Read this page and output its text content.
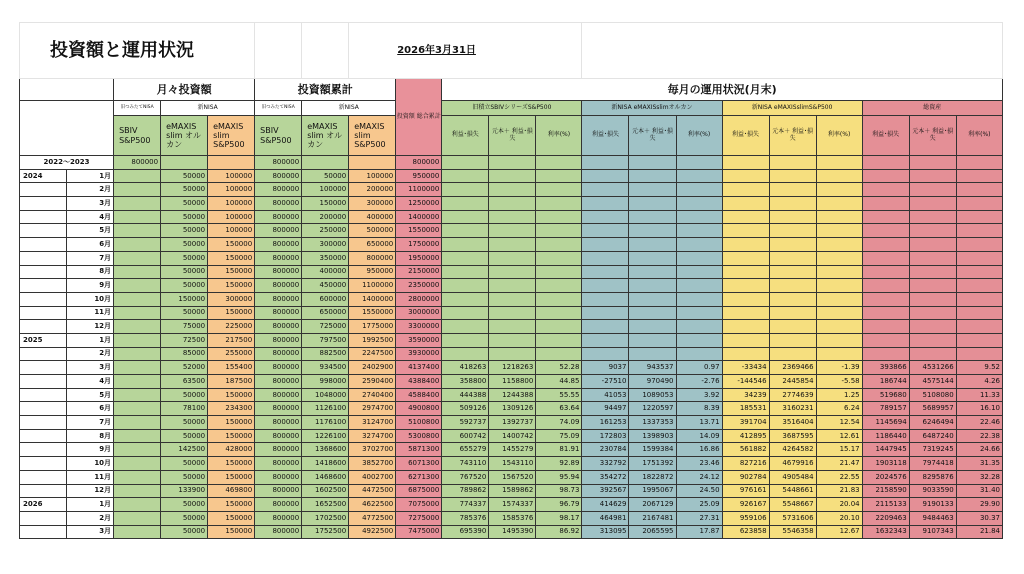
投資額と運用状況							2026年3月31日													
		月々投資額			投資額累計			投資額 総合累計	毎月の運用状況(月末)											
		旧つみたてNISA	新NISA		旧つみたてNISA	新NISA			旧積立SBIVシリーズS&P500			新NISA eMAXISslimオルカン			新NISA eMAXISslimS&P500			総資産		
		SBIV S&P500	eMAXIS slim オルカン	eMAXIS slim S&P500	SBIV S&P500	eMAXIS slim オルカン	eMAXIS slim S&P500		利益･損失	元本＋ 利益･損失	利率(%)	利益･損失	元本＋ 利益･損失	利率(%)	利益･損失	元本＋ 利益･損失	利率(%)	利益･損失	元本＋ 利益･損失	利率(%)
2022〜2023		800000			800000			800000												
2024	1月		50000	100000	800000	50000	100000	950000												
	2月		50000	100000	800000	100000	200000	1100000												
	3月		50000	100000	800000	150000	300000	1250000												
	4月		50000	100000	800000	200000	400000	1400000												
	5月		50000	100000	800000	250000	500000	1550000												
	6月		50000	150000	800000	300000	650000	1750000												
	7月		50000	150000	800000	350000	800000	1950000												
	8月		50000	150000	800000	400000	950000	2150000												
	9月		50000	150000	800000	450000	1100000	2350000												
	10月		150000	300000	800000	600000	1400000	2800000												
	11月		50000	150000	800000	650000	1550000	3000000												
	12月		75000	225000	800000	725000	1775000	3300000												
2025	1月		72500	217500	800000	797500	1992500	3590000												
	2月		85000	255000	800000	882500	2247500	3930000												
	3月		52000	155400	800000	934500	2402900	4137400	418263	1218263	52.28	9037	943537	0.97	-33434	2369466	-1.39	393866	4531266	9.52
	4月		63500	187500	800000	998000	2590400	4388400	358800	1158800	44.85	-27510	970490	-2.76	-144546	2445854	-5.58	186744	4575144	4.26
	5月		50000	150000	800000	1048000	2740400	4588400	444388	1244388	55.55	41053	1089053	3.92	34239	2774639	1.25	519680	5108080	11.33
	6月		78100	234300	800000	1126100	2974700	4900800	509126	1309126	63.64	94497	1220597	8.39	185531	3160231	6.24	789157	5689957	16.10
	7月		50000	150000	800000	1176100	3124700	5100800	592737	1392737	74.09	161253	1337353	13.71	391704	3516404	12.54	1145694	6246494	22.46
	8月		50000	150000	800000	1226100	3274700	5300800	600742	1400742	75.09	172803	1398903	14.09	412895	3687595	12.61	1186440	6487240	22.38
	9月		142500	428000	800000	1368600	3702700	5871300	655279	1455279	81.91	230784	1599384	16.86	561882	4264582	15.17	1447945	7319245	24.66
	10月		50000	150000	800000	1418600	3852700	6071300	743110	1543110	92.89	332792	1751392	23.46	827216	4679916	21.47	1903118	7974418	31.35
	11月		50000	150000	800000	1468600	4002700	6271300	767520	1567520	95.94	354272	1822872	24.12	902784	4905484	22.55	2024576	8295876	32.28
	12月		133900	469800	800000	1602500	4472500	6875000	789862	1589862	98.73	392567	1995067	24.50	976161	5448661	21.83	2158590	9033590	31.40
2026	1月		50000	150000	800000	1652500	4622500	7075000	774337	1574337	96.79	414629	2067129	25.09	926167	5548667	20.04	2115133	9190133	29.90
	2月		50000	150000	800000	1702500	4772500	7275000	785376	1585376	98.17	464981	2167481	27.31	959106	5731606	20.10	2209463	9484463	30.37
	3月		50000	150000	800000	1752500	4922500	7475000	695390	1495390	86.92	313095	2065595	17.87	623858	5546358	12.67	1632343	9107343	21.84
